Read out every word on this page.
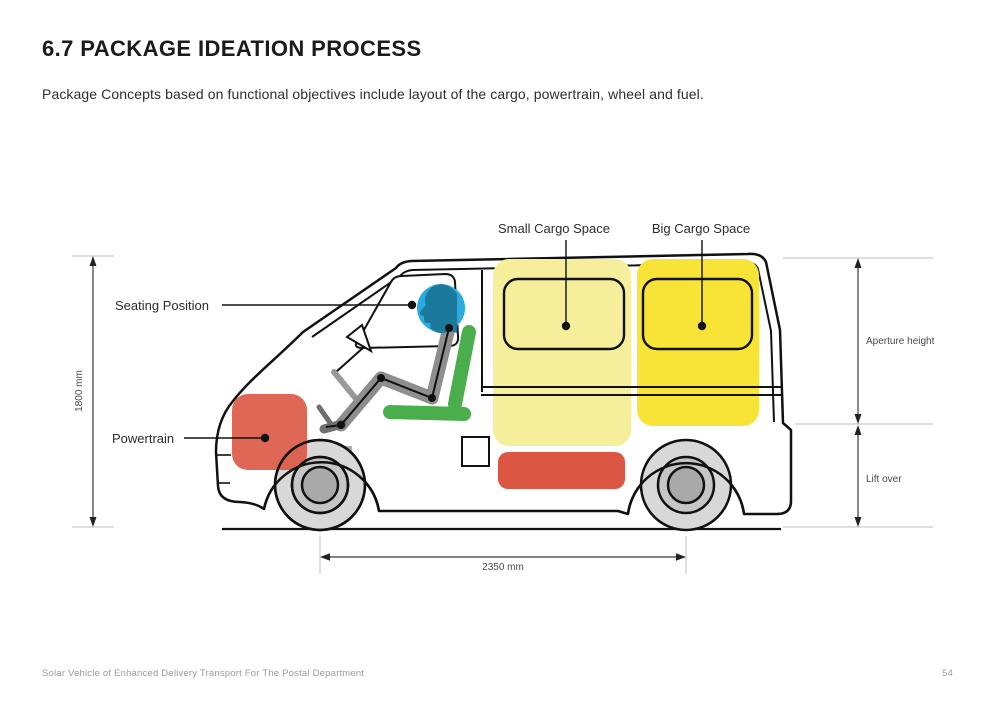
6.7 PACKAGE IDEATION PROCESS
Package Concepts based on functional objectives include layout of the cargo, powertrain, wheel and fuel.
Seating Position
Powertrain
Small Cargo Space	Big Cargo Space
1800 mm
2350 mm
Aperture height
Lift over
Solar Vehicle of Enhanced Delivery Transport For The Postal Department	54
